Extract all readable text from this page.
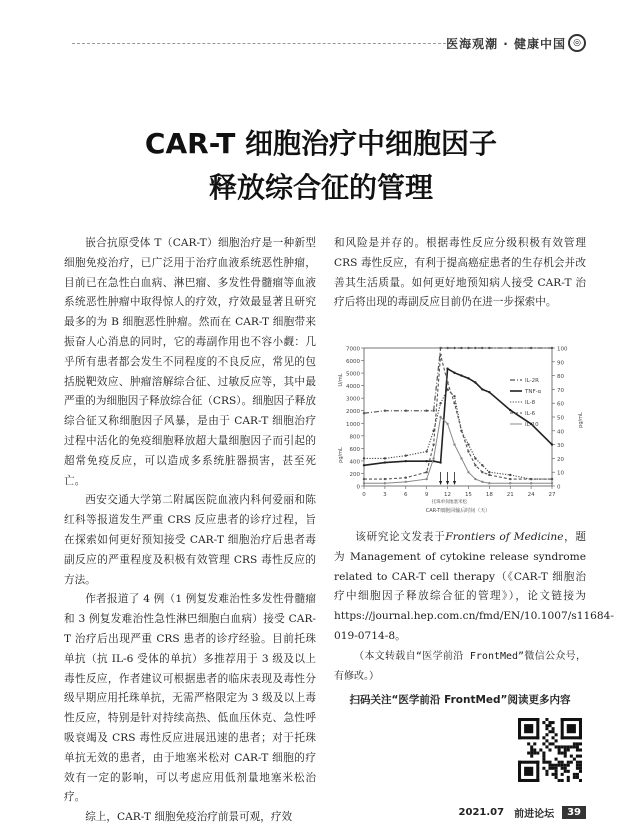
医海观潮 · 健康中国 ◎
CAR-T 细胞治疗中细胞因子
释放综合征的管理

嵌合抗原受体 T（CAR-T）细胞治疗是一种新型细胞免疫治疗，已广泛用于治疗血液系统恶性肿瘤，目前已在急性白血病、淋巴瘤、多发性骨髓瘤等血液系统恶性肿瘤中取得惊人的疗效，疗效最显著且研究最多的为 B 细胞恶性肿瘤。然而在 CAR-T 细胞带来振奋人心消息的同时，它的毒副作用也不容小觑：几乎所有患者都会发生不同程度的不良反应，常见的包括脱靶效应、肿瘤溶解综合征、过敏反应等，其中最严重的为细胞因子释放综合征（CRS）。细胞因子释放综合征又称细胞因子风暴，是由于 CAR-T 细胞治疗过程中活化的免疫细胞释放超大量细胞因子而引起的超常免疫反应，可以造成多系统脏器损害，甚至死亡。

西安交通大学第二附属医院血液内科何爱丽和陈红科等报道发生严重 CRS 反应患者的诊疗过程，旨在探索如何更好预知接受 CAR-T 细胞治疗后患者毒副反应的严重程度及积极有效管理 CRS 毒性反应的方法。

作者报道了 4 例（1 例复发难治性多发性骨髓瘤和 3 例复发难治性急性淋巴细胞白血病）接受 CAR-T 治疗后出现严重 CRS 患者的诊疗经验。目前托珠单抗（抗 IL-6 受体的单抗）多推荐用于 3 级及以上毒性反应，作者建议可根据患者的临床表现及毒性分级早期应用托珠单抗，无需严格限定为 3 级及以上毒性反应，特别是针对持续高热、低血压休克、急性呼吸衰竭及 CRS 毒性反应进展迅速的患者；对于托珠单抗无效的患者，由于地塞米松对 CAR-T 细胞的疗效有一定的影响，可以考虑应用低剂量地塞米松治疗。

综上，CAR-T 细胞免疫治疗前景可观，疗效

和风险是并存的。根据毒性反应分级积极有效管理 CRS 毒性反应，有利于提高癌症患者的生存机会并改善其生活质量。如何更好地预知病人接受 CAR-T 治疗后将出现的毒副反应目前仍在进一步探索中。

0
200
400
600
800
1000
2000
3000
4000
5000
6000
7000
0
10
20
30
40
50
60
70
80
90
100
0	3	6	9	12	15	18	21	24	27
CAR-T细胞回输后时间（天）
托珠单抗 地塞米松
U/mL
pg/mL
pg/mL
IL-2R
TNF-α
IL-8
IL-6
IL-10

该研究论文发表于Frontiers of Medicine，题为 Management of cytokine release syndrome related to CAR-T cell therapy（《CAR-T 细胞治疗中细胞因子释放综合征的管理》），论文链接为 https://journal.hep.com.cn/fmd/EN/10.1007/s11684-019-0714-8。

（本文转载自“医学前沿 FrontMed”微信公众号，有修改。）

扫码关注“医学前沿 FrontMed”阅读更多内容
2021.07 前进论坛	39
